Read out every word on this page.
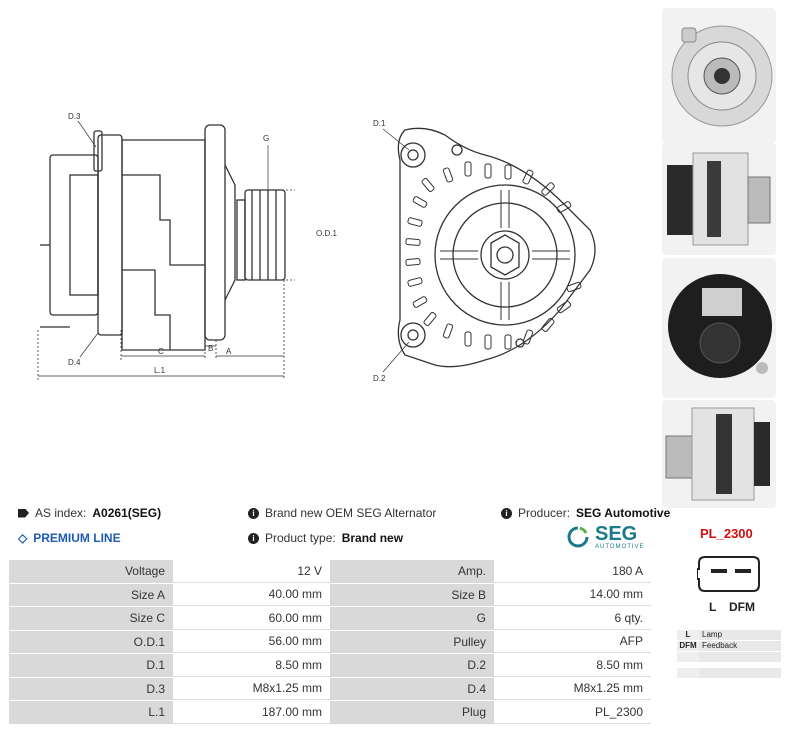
D.3
G
D.4
C	B A
L.1
O.D.1
D.1
D.2
AS index: A0261(SEG)
◇ PREMIUM LINE
i Brand new OEM SEG Alternator
i Product type: Brand new
i Producer: SEG Automotive
SEG
AUTOMOTIVE
Voltage	12 V	Amp.	180 A
Size A	40.00 mm	Size B	14.00 mm
Size C	60.00 mm	G	6 qty.
O.D.1	56.00 mm	Pulley	AFP
D.1	8.50 mm	D.2	8.50 mm
D.3	M8x1.25 mm	D.4	M8x1.25 mm
L.1	187.00 mm	Plug	PL_2300
PL_2300
L DFM
L	Lamp
DFM Feedback
